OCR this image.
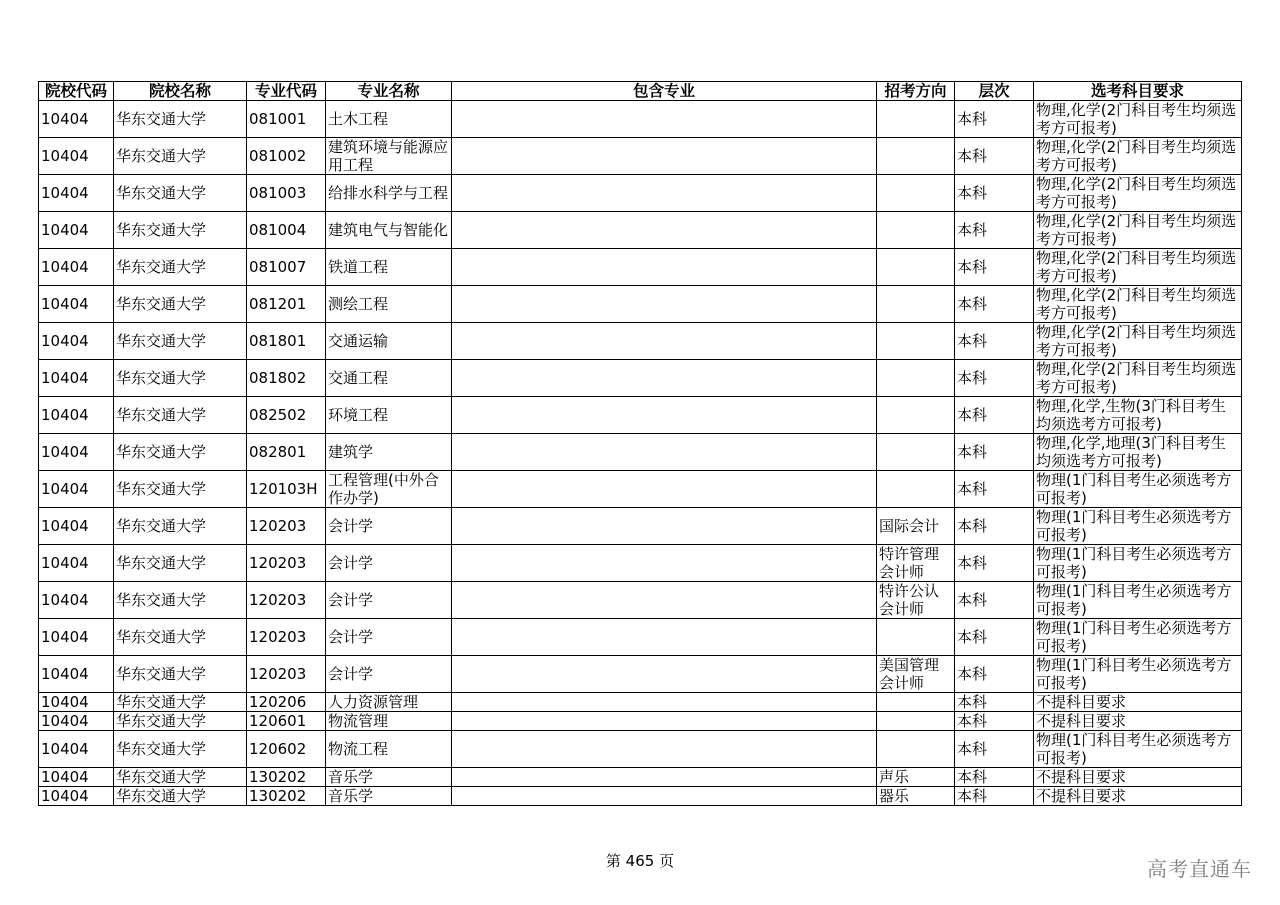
院校代码	院校名称	专业代码	专业名称	包含专业	招考方向	层次	选考科目要求
10404	华东交通大学	081001	土木工程			本科	物理,化学(2门科目考生均须选考方可报考)
10404	华东交通大学	081002	建筑环境与能源应用工程			本科	物理,化学(2门科目考生均须选考方可报考)
10404	华东交通大学	081003	给排水科学与工程			本科	物理,化学(2门科目考生均须选考方可报考)
10404	华东交通大学	081004	建筑电气与智能化			本科	物理,化学(2门科目考生均须选考方可报考)
10404	华东交通大学	081007	铁道工程			本科	物理,化学(2门科目考生均须选考方可报考)
10404	华东交通大学	081201	测绘工程			本科	物理,化学(2门科目考生均须选考方可报考)
10404	华东交通大学	081801	交通运输			本科	物理,化学(2门科目考生均须选考方可报考)
10404	华东交通大学	081802	交通工程			本科	物理,化学(2门科目考生均须选考方可报考)
10404	华东交通大学	082502	环境工程			本科	物理,化学,生物(3门科目考生均须选考方可报考)
10404	华东交通大学	082801	建筑学			本科	物理,化学,地理(3门科目考生均须选考方可报考)
10404	华东交通大学	120103H	工程管理(中外合作办学)			本科	物理(1门科目考生必须选考方可报考)
10404	华东交通大学	120203	会计学		国际会计	本科	物理(1门科目考生必须选考方可报考)
10404	华东交通大学	120203	会计学		特许管理会计师	本科	物理(1门科目考生必须选考方可报考)
10404	华东交通大学	120203	会计学		特许公认会计师	本科	物理(1门科目考生必须选考方可报考)
10404	华东交通大学	120203	会计学			本科	物理(1门科目考生必须选考方可报考)
10404	华东交通大学	120203	会计学		美国管理会计师	本科	物理(1门科目考生必须选考方可报考)
10404	华东交通大学	120206	人力资源管理			本科	不提科目要求
10404	华东交通大学	120601	物流管理			本科	不提科目要求
10404	华东交通大学	120602	物流工程			本科	物理(1门科目考生必须选考方可报考)
10404	华东交通大学	130202	音乐学		声乐	本科	不提科目要求
10404	华东交通大学	130202	音乐学		器乐	本科	不提科目要求
第 465 页	高考直通车
